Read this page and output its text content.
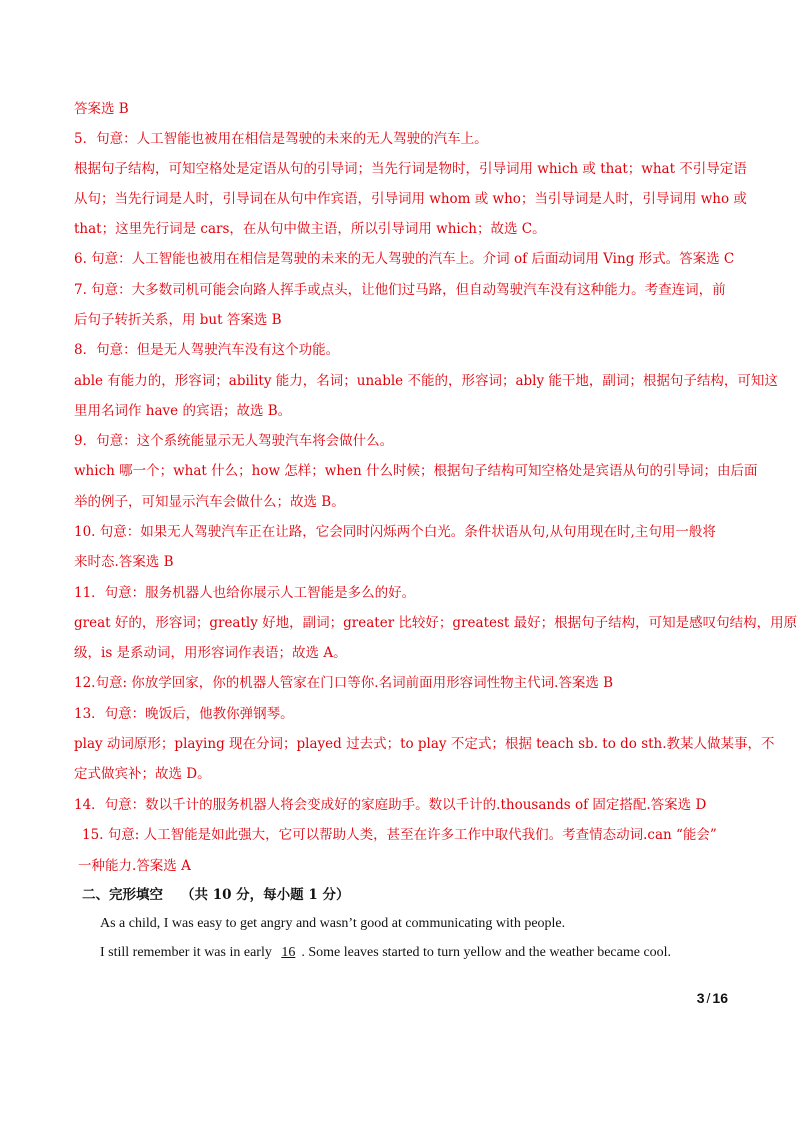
答案选 B
5．句意：人工智能也被用在相信是驾驶的未来的无人驾驶的汽车上。
根据句子结构，可知空格处是定语从句的引导词；当先行词是物时，引导词用 which 或 that；what 不引导定语
从句；当先行词是人时，引导词在从句中作宾语，引导词用 whom 或 who；当引导词是人时，引导词用 who 或
that；这里先行词是 cars，在从句中做主语，所以引导词用 which；故选 C。
6. 句意：人工智能也被用在相信是驾驶的未来的无人驾驶的汽车上。介词 of 后面动词用 Ving 形式。答案选 C
7. 句意：大多数司机可能会向路人挥手或点头，让他们过马路，但自动驾驶汽车没有这种能力。考查连词，前
后句子转折关系，用 but 答案选 B
8．句意：但是无人驾驶汽车没有这个功能。
able 有能力的，形容词；ability 能力，名词；unable 不能的，形容词；ably 能干地，副词；根据句子结构，可知这
里用名词作 have 的宾语；故选 B。
9．句意：这个系统能显示无人驾驶汽车将会做什么。
which 哪一个；what 什么；how 怎样；when 什么时候；根据句子结构可知空格处是宾语从句的引导词；由后面
举的例子，可知显示汽车会做什么；故选 B。
10. 句意：如果无人驾驶汽车正在让路，它会同时闪烁两个白光。条件状语从句,从句用现在时,主句用一般将
来时态.答案选 B
11．句意：服务机器人也给你展示人工智能是多么的好。
great 好的，形容词；greatly 好地，副词；greater 比较好；greatest 最好；根据句子结构，可知是感叹句结构，用原
级，is 是系动词，用形容词作表语；故选 A。
12.句意: 你放学回家，你的机器人管家在门口等你.名词前面用形容词性物主代词.答案选 B
13．句意：晚饭后，他教你弹钢琴。
play 动词原形；playing 现在分词；played 过去式；to play 不定式；根据 teach sb. to do sth.教某人做某事，不
定式做宾补；故选 D。
14．句意：数以千计的服务机器人将会变成好的家庭助手。数以千计的.thousands of 固定搭配.答案选 D
15. 句意: 人工智能是如此强大，它可以帮助人类，甚至在许多工作中取代我们。考查情态动词.can “能会”
一种能力.答案选 A
二、完形填空 （共 10 分，每小题 1 分）
As a child, I was easy to get angry and wasn’t good at communicating with people.
I still remember it was in early 16 . Some leaves started to turn yellow and the weather became cool.
3 / 16
